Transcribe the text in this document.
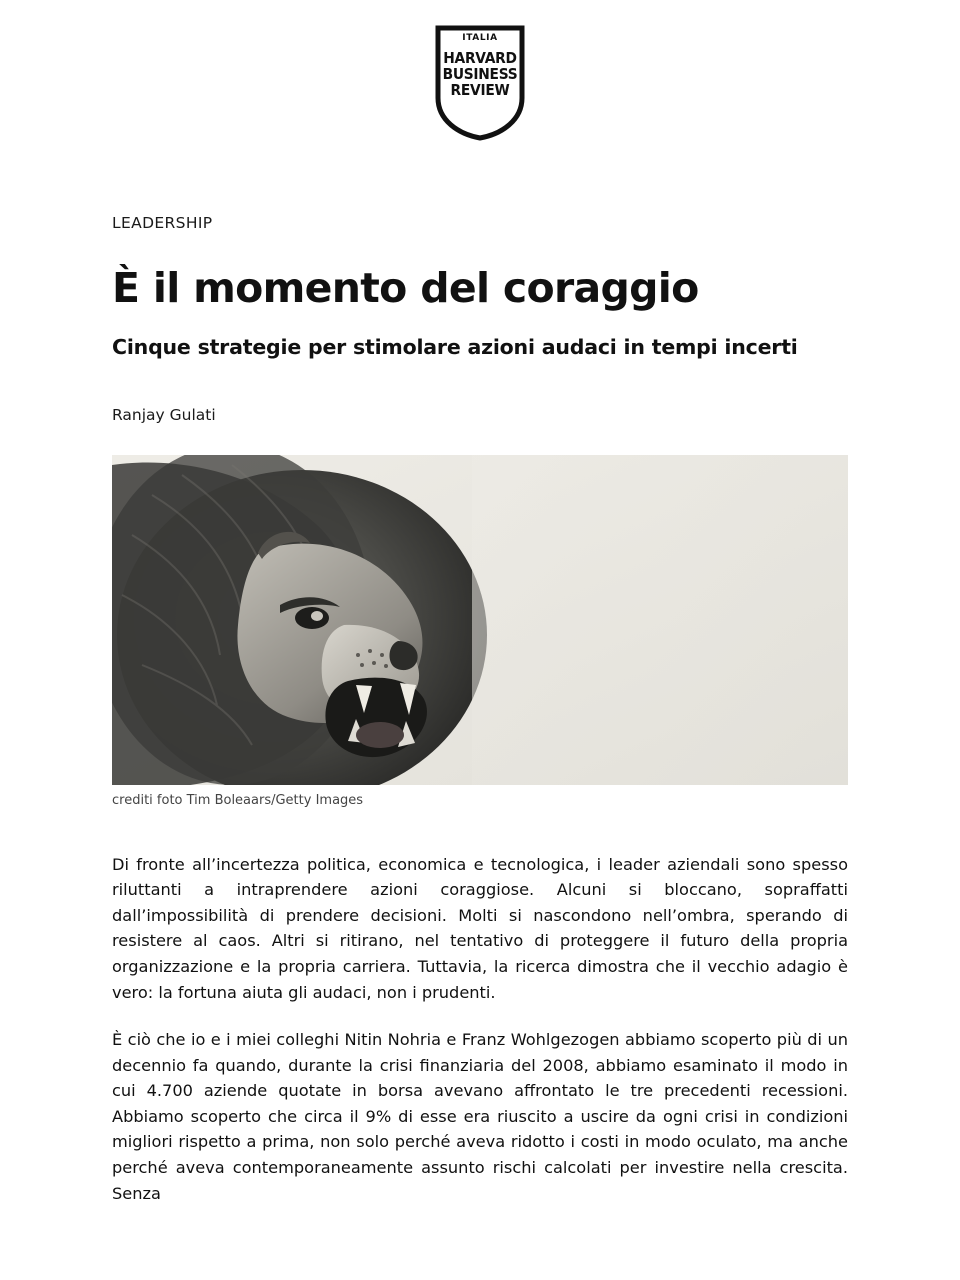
ITALIA
HARVARD
BUSINESS
REVIEW
LEADERSHIP
È il momento del coraggio
Cinque strategie per stimolare azioni audaci in tempi incerti
Ranjay Gulati
crediti foto Tim Boleaars/Getty Images

Di fronte all’incertezza politica, economica e tecnologica, i leader aziendali sono spesso riluttanti a intraprendere azioni coraggiose. Alcuni si bloccano, sopraffatti dall’impossibilità di prendere decisioni. Molti si nascondono nell’ombra, sperando di resistere al caos. Altri si ritirano, nel tentativo di proteggere il futuro della propria organizzazione e la propria carriera. Tuttavia, la ricerca dimostra che il vecchio adagio è vero: la fortuna aiuta gli audaci, non i prudenti.

È ciò che io e i miei colleghi Nitin Nohria e Franz Wohlgezogen abbiamo scoperto più di un decennio fa quando, durante la crisi finanziaria del 2008, abbiamo esaminato il modo in cui 4.700 aziende quotate in borsa avevano affrontato le tre precedenti recessioni. Abbiamo scoperto che circa il 9% di esse era riuscito a uscire da ogni crisi in condizioni migliori rispetto a prima, non solo perché aveva ridotto i costi in modo oculato, ma anche perché aveva contemporaneamente assunto rischi calcolati per investire nella crescita. Senza
